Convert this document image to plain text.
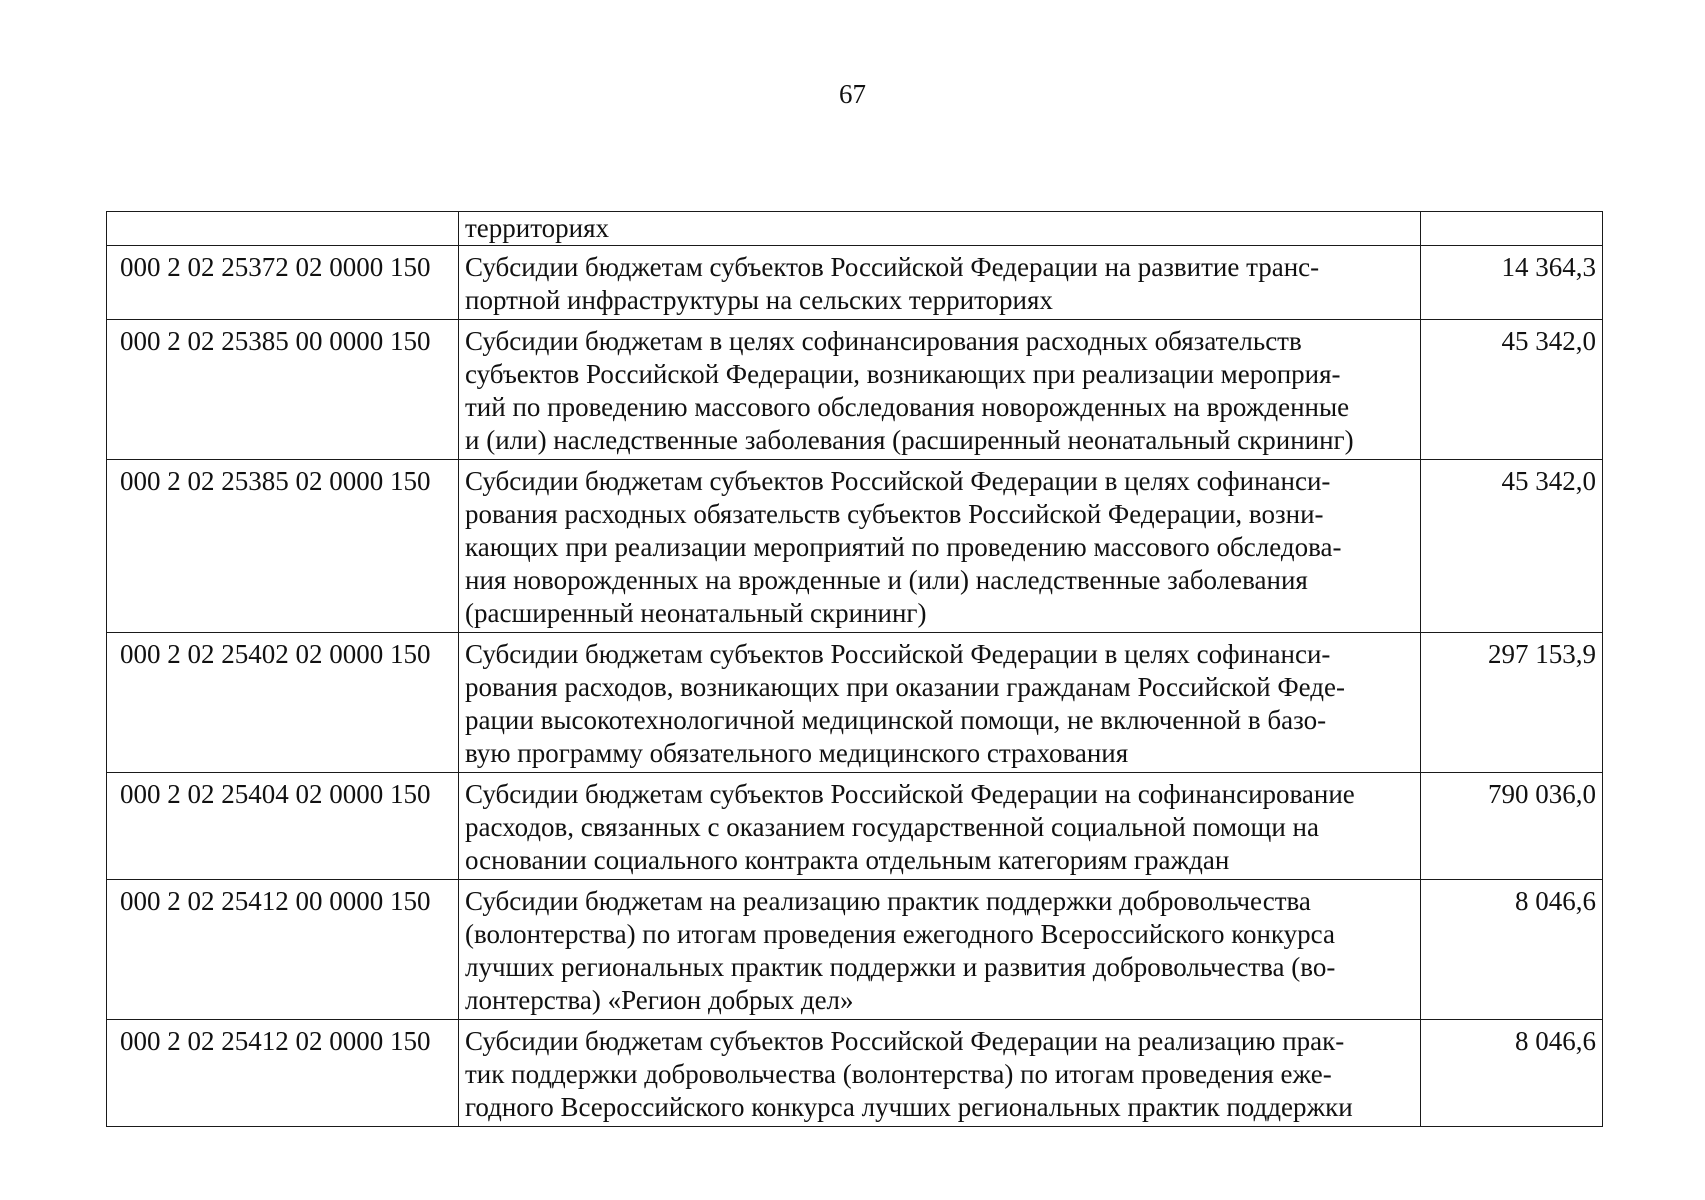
67

	территориях	

000 2 02 25372 02 0000 150	Субсидии бюджетам субъектов Российской Федерации на развитие транс-
портной инфраструктуры на сельских территориях	14 364,3
000 2 02 25385 00 0000 150	Субсидии бюджетам в целях софинансирования расходных обязательств
субъектов Российской Федерации, возникающих при реализации мероприя-
тий по проведению массового обследования новорожденных на врожденные
и (или) наследственные заболевания (расширенный неонатальный скрининг)	45 342,0
000 2 02 25385 02 0000 150	Субсидии бюджетам субъектов Российской Федерации в целях софинанси-
рования расходных обязательств субъектов Российской Федерации, возни-
кающих при реализации мероприятий по проведению массового обследова-
ния новорожденных на врожденные и (или) наследственные заболевания
(расширенный неонатальный скрининг)	45 342,0
000 2 02 25402 02 0000 150	Субсидии бюджетам субъектов Российской Федерации в целях софинанси-
рования расходов, возникающих при оказании гражданам Российской Феде-
рации высокотехнологичной медицинской помощи, не включенной в базо-
вую программу обязательного медицинского страхования	297 153,9
000 2 02 25404 02 0000 150	Субсидии бюджетам субъектов Российской Федерации на софинансирование
расходов, связанных с оказанием государственной социальной помощи на
основании социального контракта отдельным категориям граждан	790 036,0
000 2 02 25412 00 0000 150	Субсидии бюджетам на реализацию практик поддержки добровольчества
(волонтерства) по итогам проведения ежегодного Всероссийского конкурса
лучших региональных практик поддержки и развития добровольчества (во-
лонтерства) «Регион добрых дел»	8 046,6
000 2 02 25412 02 0000 150	Субсидии бюджетам субъектов Российской Федерации на реализацию прак-
тик поддержки добровольчества (волонтерства) по итогам проведения еже-
годного Всероссийского конкурса лучших региональных практик поддержки	8 046,6
